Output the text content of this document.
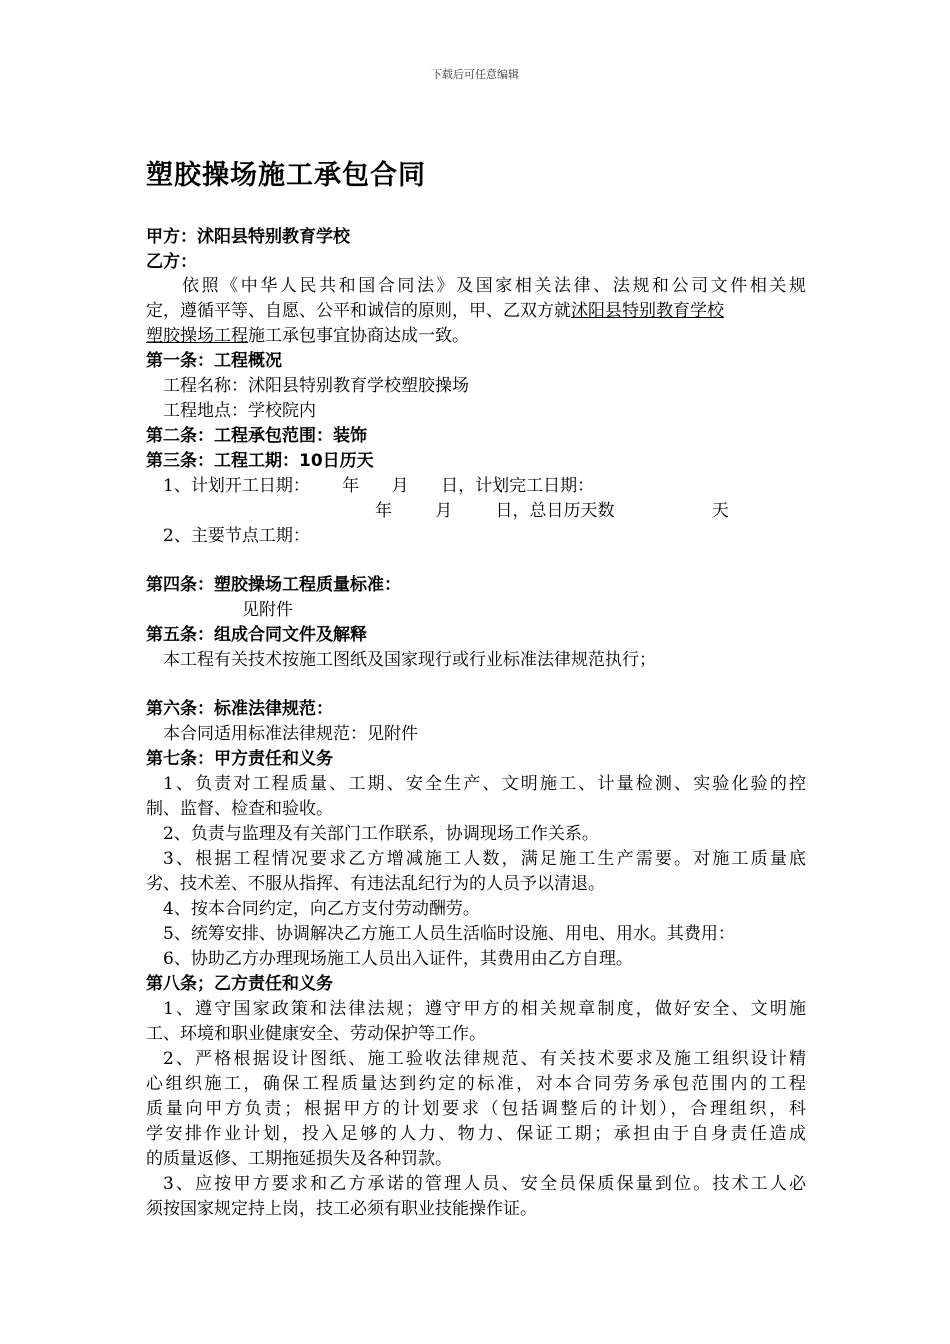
下载后可任意编辑
塑胶操场施工承包合同
甲方：沭阳县特别教育学校
乙方：
依照《中华人民共和国合同法》及国家相关法律、法规和公司文件相关规
定，遵循平等、自愿、公平和诚信的原则，甲、乙双方就沭阳县特别教育学校
塑胶操场工程施工承包事宜协商达成一致。
第一条：工程概况
工程名称：沭阳县特别教育学校塑胶操场
工程地点：学校院内
第二条：工程承包范围：装饰
第三条：工程工期：10日历天
1、计划开工日期：      年      月      日，计划完工日期：
年        月        日，总日历天数                  天
2、主要节点工期：
第四条：塑胶操场工程质量标准：
见附件
第五条：组成合同文件及解释
本工程有关技术按施工图纸及国家现行或行业标准法律规范执行；
第六条：标准法律规范：
本合同适用标准法律规范：见附件
第七条：甲方责任和义务
1、负责对工程质量、工期、安全生产、文明施工、计量检测、实验化验的控
制、监督、检查和验收。
2、负责与监理及有关部门工作联系，协调现场工作关系。
3、根据工程情况要求乙方增减施工人数，满足施工生产需要。对施工质量底
劣、技术差、不服从指挥、有违法乱纪行为的人员予以清退。
4、按本合同约定，向乙方支付劳动酬劳。
5、统筹安排、协调解决乙方施工人员生活临时设施、用电、用水。其费用：
6、协助乙方办理现场施工人员出入证件，其费用由乙方自理。
第八条；乙方责任和义务
1、遵守国家政策和法律法规；遵守甲方的相关规章制度，做好安全、文明施
工、环境和职业健康安全、劳动保护等工作。
2、严格根据设计图纸、施工验收法律规范、有关技术要求及施工组织设计精
心组织施工，确保工程质量达到约定的标准，对本合同劳务承包范围内的工程
质量向甲方负责；根据甲方的计划要求（包括调整后的计划），合理组织，科
学安排作业计划，投入足够的人力、物力、保证工期；承担由于自身责任造成
的质量返修、工期拖延损失及各种罚款。
3、应按甲方要求和乙方承诺的管理人员、安全员保质保量到位。技术工人必
须按国家规定持上岗，技工必须有职业技能操作证。
